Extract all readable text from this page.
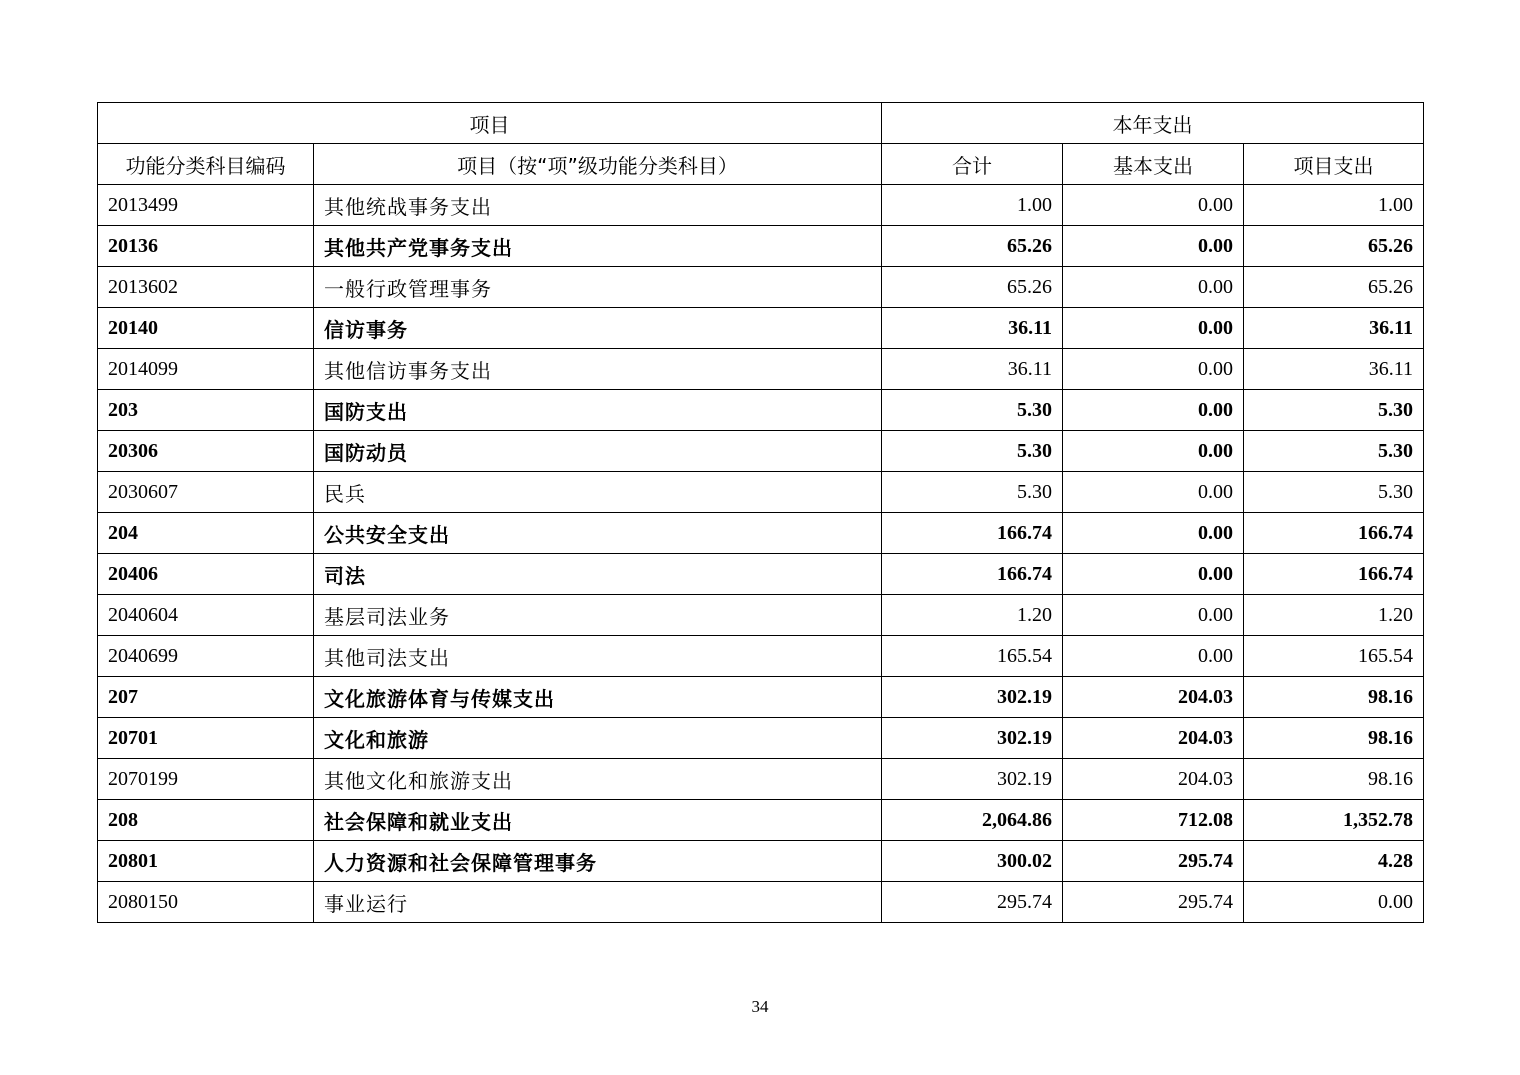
项目		本年支出		
功能分类科目编码	项目（按“项”级功能分类科目）	合计	基本支出	项目支出
2013499	其他统战事务支出	1.00	0.00	1.00
20136	其他共产党事务支出	65.26	0.00	65.26
2013602	一般行政管理事务	65.26	0.00	65.26
20140	信访事务	36.11	0.00	36.11
2014099	其他信访事务支出	36.11	0.00	36.11
203	国防支出	5.30	0.00	5.30
20306	国防动员	5.30	0.00	5.30
2030607	民兵	5.30	0.00	5.30
204	公共安全支出	166.74	0.00	166.74
20406	司法	166.74	0.00	166.74
2040604	基层司法业务	1.20	0.00	1.20
2040699	其他司法支出	165.54	0.00	165.54
207	文化旅游体育与传媒支出	302.19	204.03	98.16
20701	文化和旅游	302.19	204.03	98.16
2070199	其他文化和旅游支出	302.19	204.03	98.16
208	社会保障和就业支出	2,064.86	712.08	1,352.78
20801	人力资源和社会保障管理事务	300.02	295.74	4.28
2080150	事业运行	295.74	295.74	0.00
34
